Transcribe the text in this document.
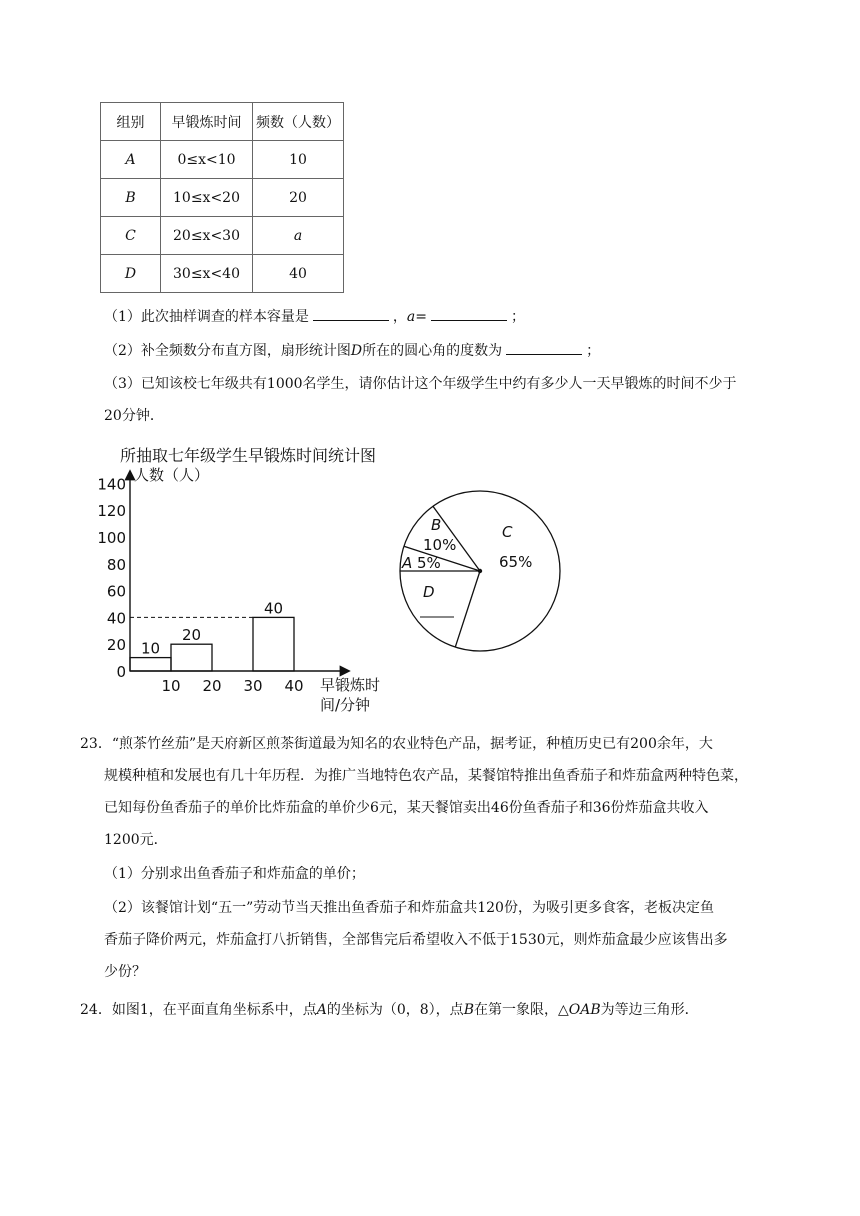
组别	早锻炼时间	频数（人数）
A	0≤x<10	10
B	10≤x<20	20
C	20≤x<30	a
D	30≤x<40	40
（1）此次抽样调查的样本容量是	，a=	；
（2）补全频数分布直方图，扇形统计图D所在的圆心角的度数为	；
（3）已知该校七年级共有1000名学生，请你估计这个年级学生中约有多少人一天早锻炼的时间不少于
20分钟．
所抽取七年级学生早锻炼时间统计图
人数（人）
0
20
40
60
80
100
120
140
10 20 30 40
10
20
40
早锻炼时
间/分钟
B
10%
A 5%
C
65%
D
23．“煎茶竹丝茄”是天府新区煎茶街道最为知名的农业特色产品，据考证，种植历史已有200余年，大
规模种植和发展也有几十年历程．为推广当地特色农产品，某餐馆特推出鱼香茄子和炸茄盒两种特色菜，
已知每份鱼香茄子的单价比炸茄盒的单价少6元，某天餐馆卖出46份鱼香茄子和36份炸茄盒共收入
1200元．
（1）分别求出鱼香茄子和炸茄盒的单价；
（2）该餐馆计划“五一”劳动节当天推出鱼香茄子和炸茄盒共120份，为吸引更多食客，老板决定鱼
香茄子降价两元，炸茄盒打八折销售，全部售完后希望收入不低于1530元，则炸茄盒最少应该售出多
少份？
24．如图1，在平面直角坐标系中，点A的坐标为（0，8），点B在第一象限，△OAB为等边三角形．
